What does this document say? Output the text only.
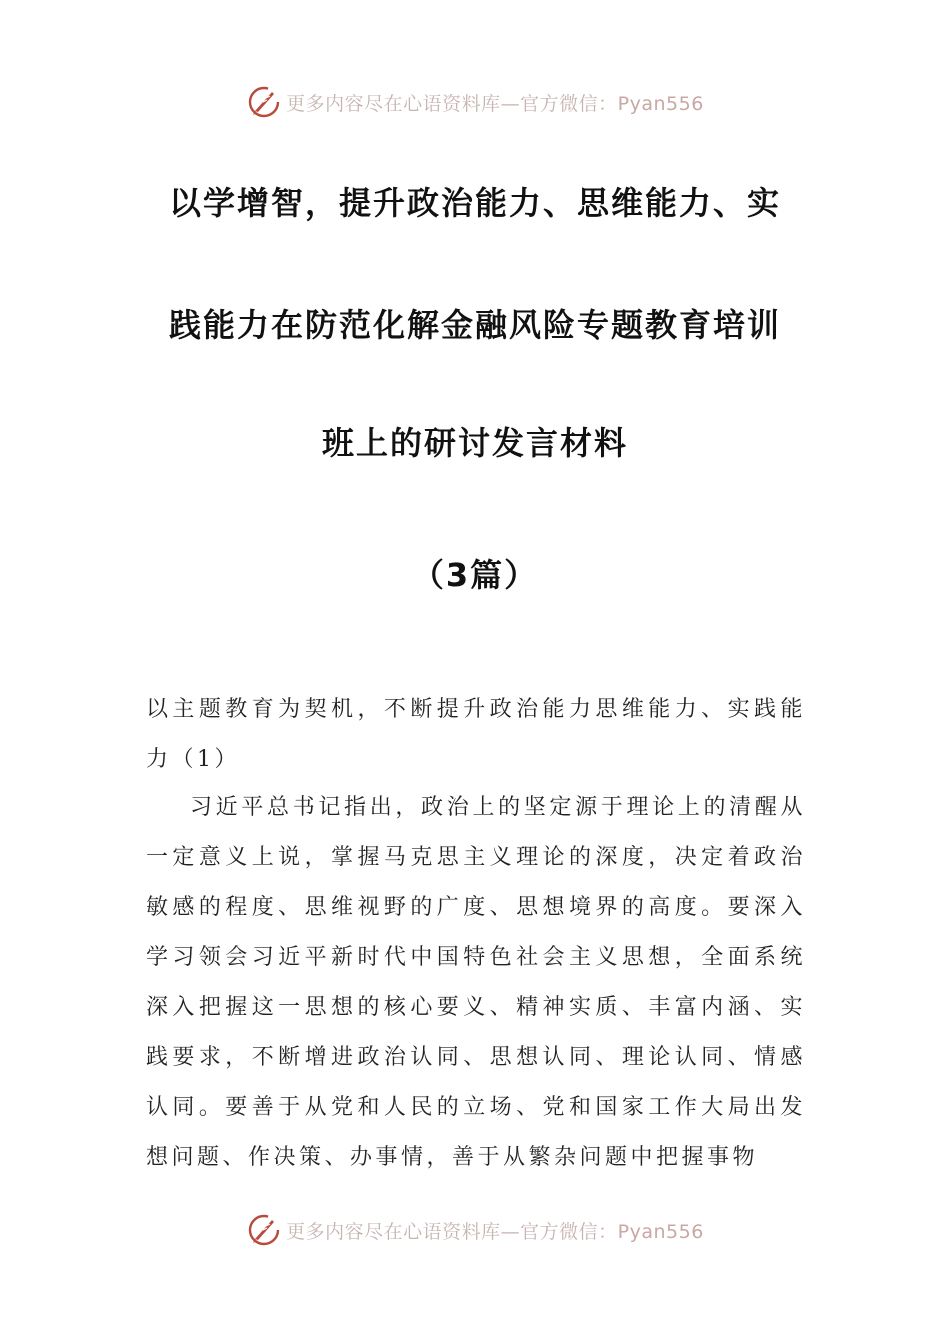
更多内容尽在心语资料库—官方微信：Pyan556
以学增智，提升政治能力、思维能力、实
践能力在防范化解金融风险专题教育培训
班上的研讨发言材料
（3篇）
以主题教育为契机，不断提升政治能力思维能力、实践能力（1）
习近平总书记指出，政治上的坚定源于理论上的清醒从一定意义上说，掌握马克思主义理论的深度，决定着政治敏感的程度、思维视野的广度、思想境界的高度。要深入学习领会习近平新时代中国特色社会主义思想，全面系统深入把握这一思想的核心要义、精神实质、丰富内涵、实践要求，不断增进政治认同、思想认同、理论认同、情感认同。要善于从党和人民的立场、党和国家工作大局出发想问题、作决策、办事情，善于从繁杂问题中把握事物
更多内容尽在心语资料库—官方微信：Pyan556
